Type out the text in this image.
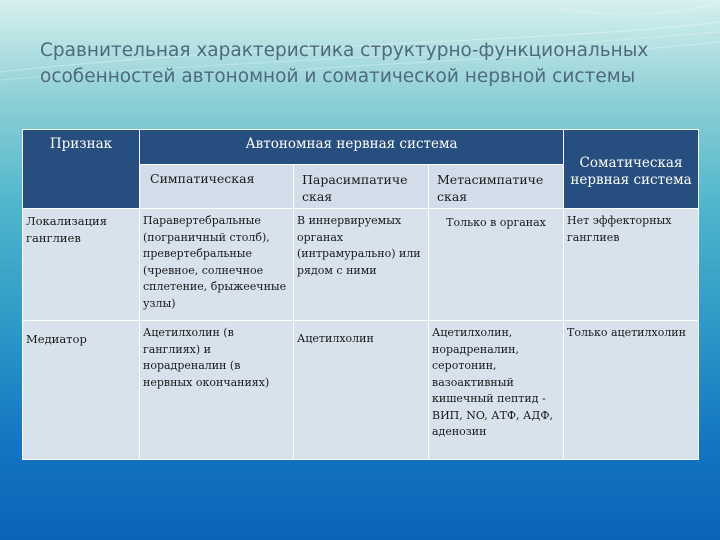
Сравнительная характеристика структурно-функциональных
особенностей автономной и соматической нервной системы
Признак	Автономная нервная система			Соматическая нервная система
	Симпатическая	Парасимпатиче ская	Метасимпатиче ская	
Локализация ганглиев	Паравертебральные (пограничный столб), превертебральные (чревное, солнечное сплетение, брыжеечные узлы)	В иннервируемых органах (интрамурально) или рядом с ними	Только в органах	Нет эффекторных ганглиев
Медиатор	Ацетилхолин (в ганглиях) и норадреналин (в нервных окончаниях)	Ацетилхолин	Ацетилхолин, норадреналин, серотонин, вазоактивный кишечный пептид - ВИП, NO, АТФ, АДФ, аденозин	Только ацетилхолин
